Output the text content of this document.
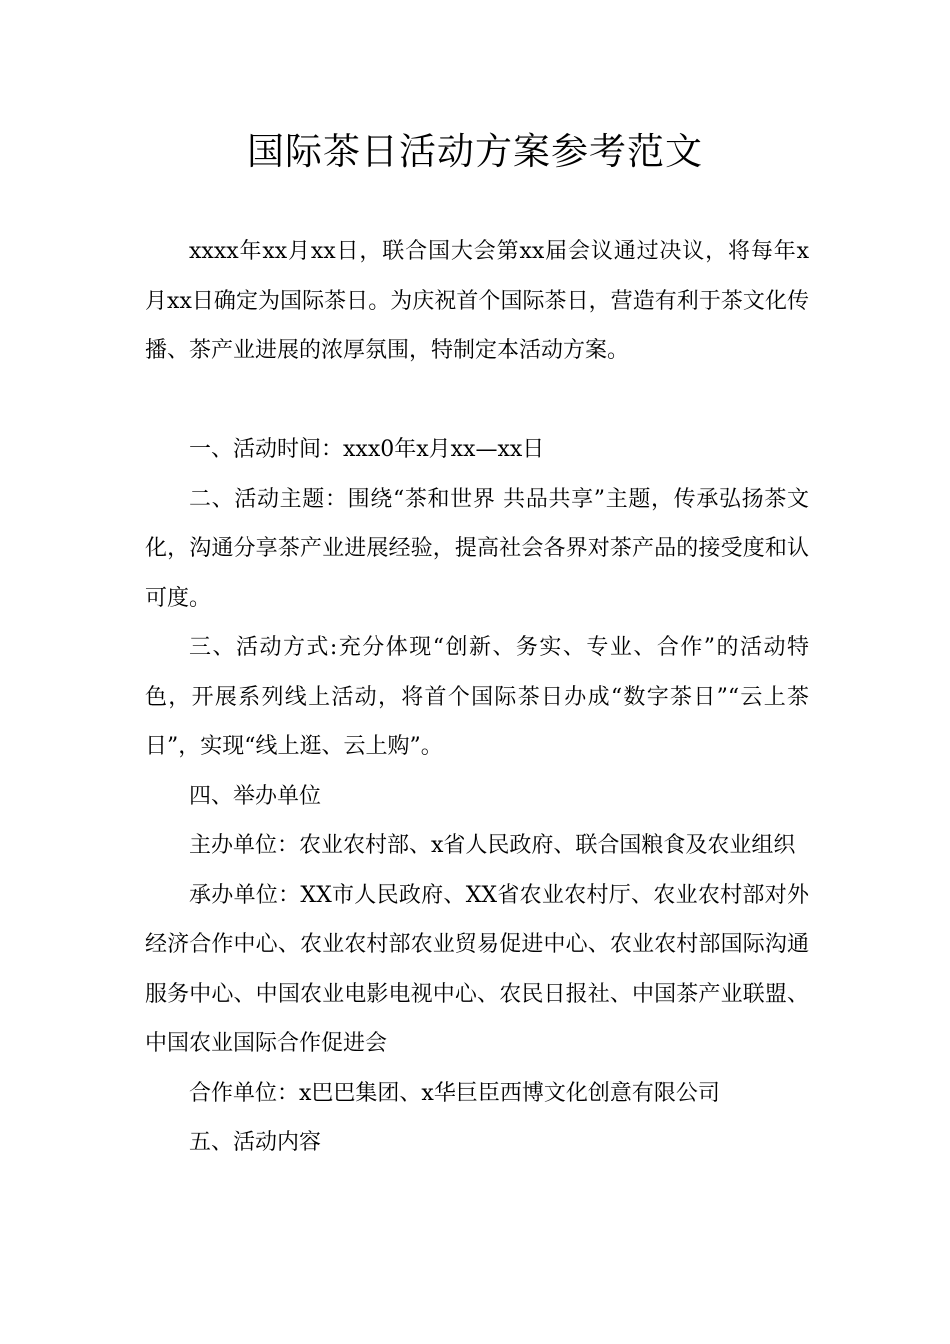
国际茶日活动方案参考范文

xxxx年xx月xx日，联合国大会第xx届会议通过决议，将每年x月xx日确定为国际茶日。为庆祝首个国际茶日，营造有利于茶文化传播、茶产业进展的浓厚氛围，特制定本活动方案。

一、活动时间：xxx0年x月xx—xx日

二、活动主题：围绕“茶和世界 共品共享”主题，传承弘扬茶文化，沟通分享茶产业进展经验，提高社会各界对茶产品的接受度和认可度。

三、活动方式:充分体现“创新、务实、专业、合作”的活动特色，开展系列线上活动，将首个国际茶日办成“数字茶日”“云上茶日”，实现“线上逛、云上购”。

四、举办单位

主办单位：农业农村部、x省人民政府、联合国粮食及农业组织

承办单位：XX市人民政府、XX省农业农村厅、农业农村部对外经济合作中心、农业农村部农业贸易促进中心、农业农村部国际沟通服务中心、中国农业电影电视中心、农民日报社、中国茶产业联盟、中国农业国际合作促进会

合作单位：x巴巴集团、x华巨臣西博文化创意有限公司

五、活动内容
